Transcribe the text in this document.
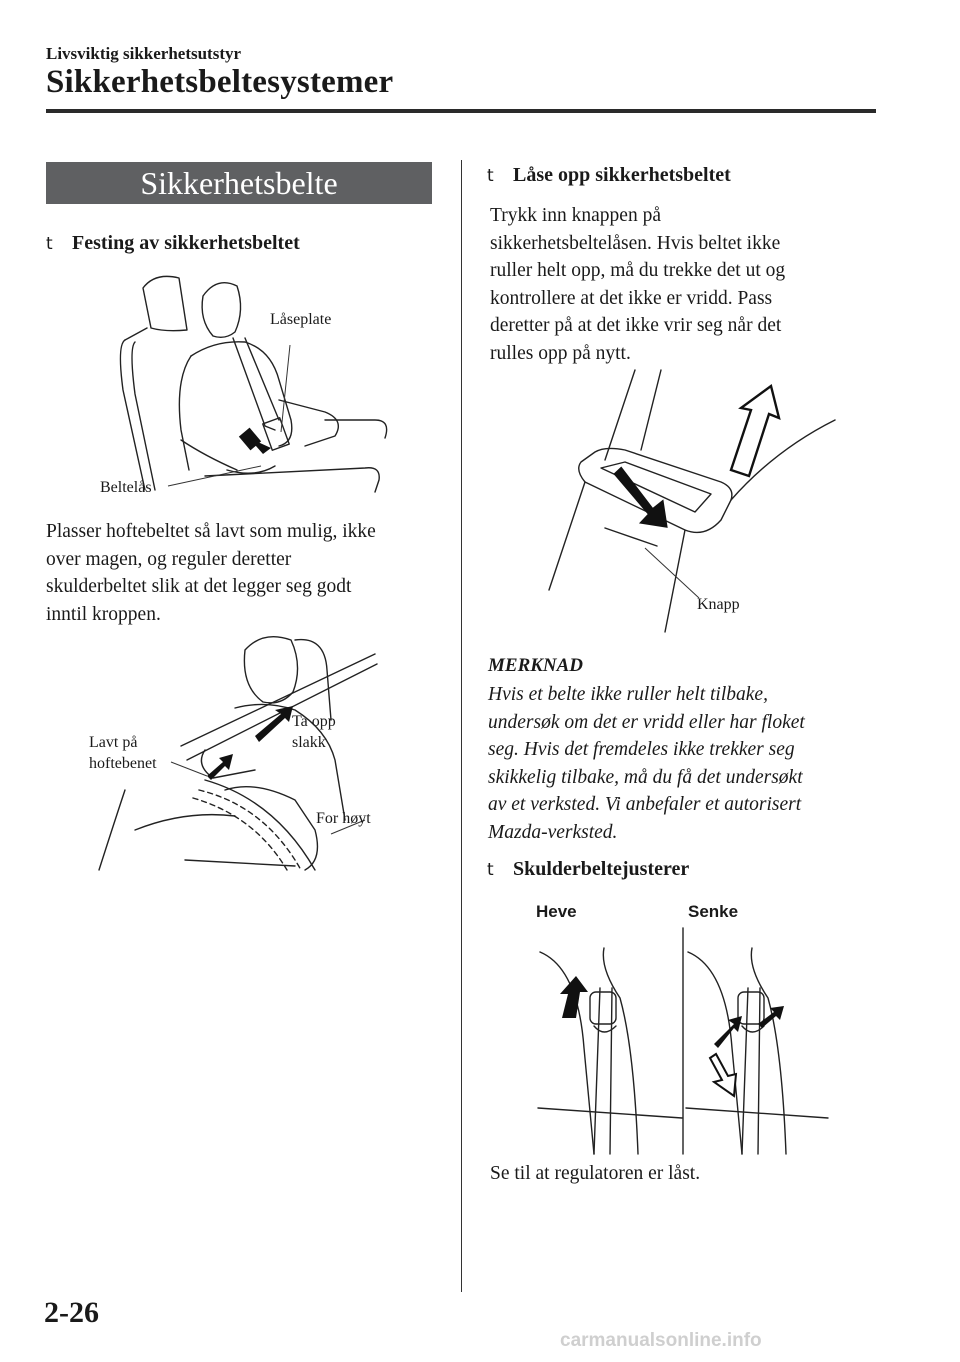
Livsviktig sikkerhetsutstyr
Sikkerhetsbeltesystemer
Sikkerhetsbelte
t Festing av sikkerhetsbeltet
Låseplate
Beltelås
Plasser hoftebeltet så lavt som mulig, ikke
over magen, og reguler deretter
skulderbeltet slik at det legger seg godt
inntil kroppen.
Ta opp
slakk
Lavt på
hoftebenet
For høyt
t Låse opp sikkerhetsbeltet
Trykk inn knappen på
sikkerhetsbeltelåsen. Hvis beltet ikke
ruller helt opp, må du trekke det ut og
kontrollere at det ikke er vridd. Pass
deretter på at det ikke vrir seg når det
rulles opp på nytt.
Knapp
MERKNAD
Hvis et belte ikke ruller helt tilbake,
undersøk om det er vridd eller har floket
seg. Hvis det fremdeles ikke trekker seg
skikkelig tilbake, må du få det undersøkt
av et verksted. Vi anbefaler et autorisert
Mazda-verksted.
t Skulderbeltejusterer
Heve	Senke
Se til at regulatoren er låst.
2-26
carmanualsonline.info
